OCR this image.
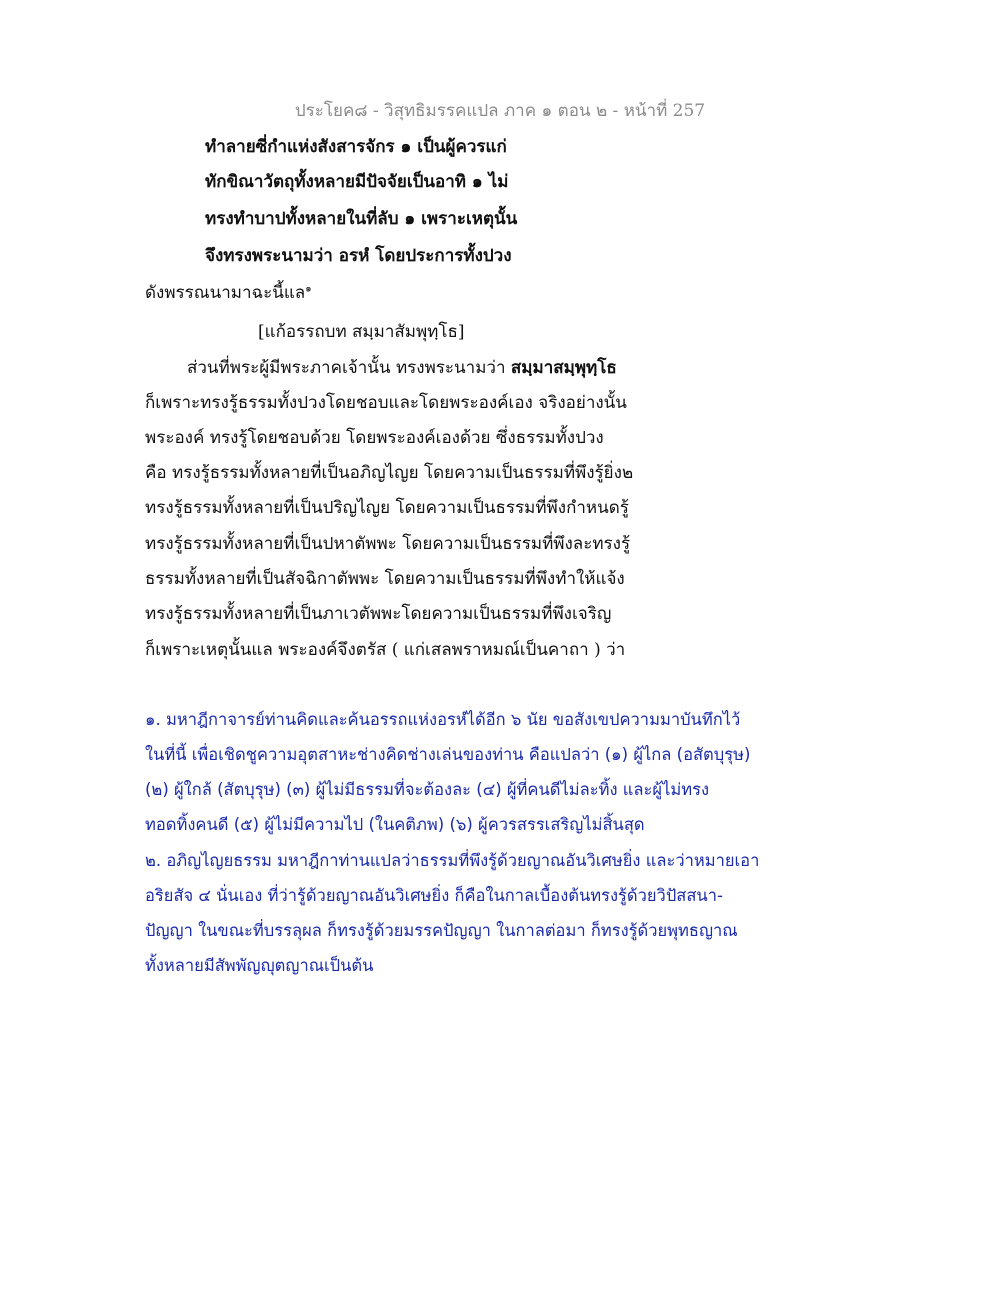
ประโยค๘ - วิสุทธิมรรคแปล ภาค ๑ ตอน ๒ - หน้าที่ 257
ทำลายซี่กำแห่งสังสารจักร ๑ เป็นผู้ควรแก่
ทักขิณาวัตถุทั้งหลายมีปัจจัยเป็นอาทิ ๑ ไม่
ทรงทำบาปทั้งหลายในที่ลับ ๑ เพราะเหตุนั้น
จึงทรงพระนามว่า อรหํ โดยประการทั้งปวง
ดังพรรณนามาฉะนี้แล$^๑$
[แก้อรรถบท สมฺมาสัมพุทฺโธ]
ส่วนที่พระผู้มีพระภาคเจ้านั้น ทรงพระนามว่า สมฺมาสมฺพุทฺโธ
ก็เพราะทรงรู้ธรรมทั้งปวงโดยชอบและโดยพระองค์เอง จริงอย่างนั้น
พระองค์ ทรงรู้โดยชอบด้วย โดยพระองค์เองด้วย ซึ่งธรรมทั้งปวง
คือ ทรงรู้ธรรมทั้งหลายที่เป็นอภิญไญย โดยความเป็นธรรมที่พึงรู้ยิ่ง๒
ทรงรู้ธรรมทั้งหลายที่เป็นปริญไญย โดยความเป็นธรรมที่พึงกำหนดรู้
ทรงรู้ธรรมทั้งหลายที่เป็นปหาตัพพะ โดยความเป็นธรรมที่พึงละทรงรู้
ธรรมทั้งหลายที่เป็นสัจฉิกาตัพพะ โดยความเป็นธรรมที่พึงทำให้แจ้ง
ทรงรู้ธรรมทั้งหลายที่เป็นภาเวตัพพะโดยความเป็นธรรมที่พึงเจริญ
ก็เพราะเหตุนั้นแล พระองค์จึงตรัส ( แก่เสลพราหมณ์เป็นคาถา ) ว่า
๑. มหาฎีกาจารย์ท่านคิดและค้นอรรถแห่งอรหํได้อีก ๖ นัย ขอสังเขปความมาบันทึกไว้
ในที่นี้ เพื่อเชิดชูความอุตสาหะช่างคิดช่างเล่นของท่าน คือแปลว่า (๑) ผู้ไกล (อสัตบุรุษ)
(๒) ผู้ใกล้ (สัตบุรุษ) (๓) ผู้ไม่มีธรรมที่จะต้องละ (๔) ผู้ที่คนดีไม่ละทิ้ง และผู้ไม่ทรง
ทอดทิ้งคนดี (๕) ผู้ไม่มีความไป (ในคติภพ) (๖) ผู้ควรสรรเสริญไม่สิ้นสุด
๒. อภิญไญยธรรม มหาฎีกาท่านแปลว่าธรรมที่พึงรู้ด้วยญาณอันวิเศษยิ่ง และว่าหมายเอา
อริยสัจ ๔ นั่นเอง ที่ว่ารู้ด้วยญาณอันวิเศษยิ่ง ก็คือในกาลเบื้องต้นทรงรู้ด้วยวิปัสสนา-
ปัญญา ในขณะที่บรรลุผล ก็ทรงรู้ด้วยมรรคปัญญา ในกาลต่อมา ก็ทรงรู้ด้วยพุทธญาณ
ทั้งหลายมีสัพพัญญุตญาณเป็นต้น
